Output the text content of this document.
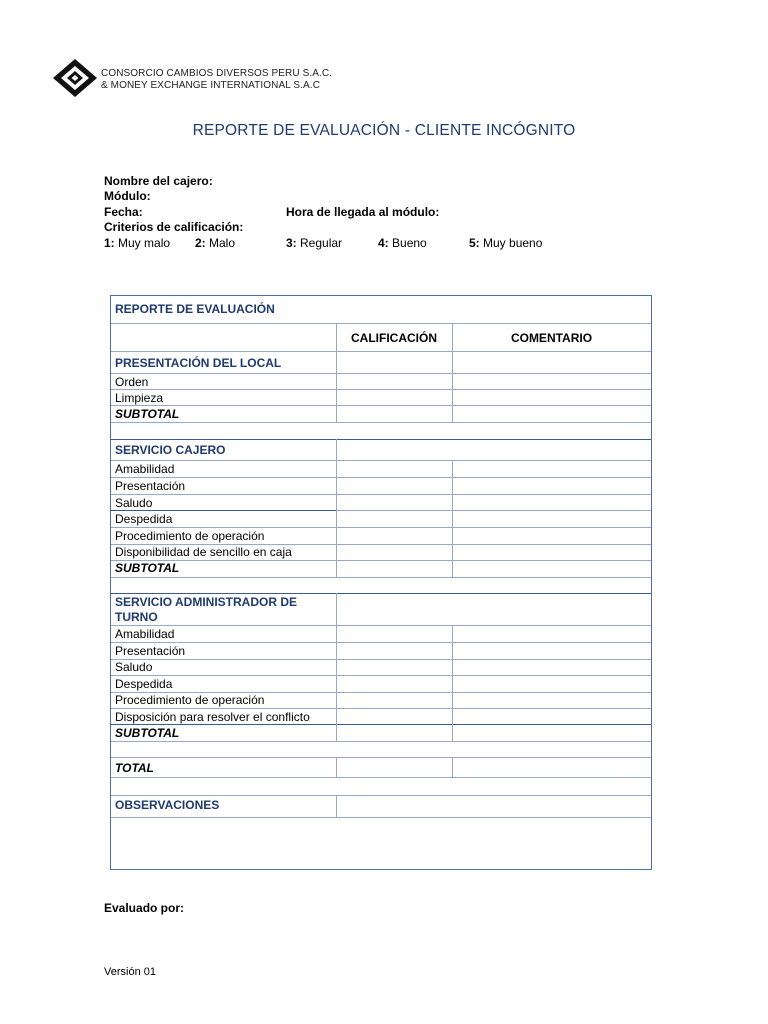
CONSORCIO CAMBIOS DIVERSOS PERU S.A.C.
& MONEY EXCHANGE INTERNATIONAL S.A.C
REPORTE DE EVALUACIÓN - CLIENTE INCÓGNITO
Nombre del cajero:
Módulo:
Fecha:	Hora de llegada al módulo:
Criterios de calificación:
1: Muy malo 2: Malo	3: Regular	4: Bueno	5: Muy bueno
REPORTE DE EVALUACIÓN
CALIFICACIÓN	COMENTARIO
PRESENTACIÓN DEL LOCAL
Orden
Limpieza
SUBTOTAL
SERVICIO CAJERO
Amabilidad
Presentación
Saludo
Despedida
Procedimiento de operación
Disponibilidad de sencillo en caja
SUBTOTAL
SERVICIO ADMINISTRADOR DE
TURNO
Amabilidad
Presentación
Saludo
Despedida
Procedimiento de operación
Disposición para resolver el conflicto
SUBTOTAL
TOTAL
OBSERVACIONES
Evaluado por:
Versión 01
